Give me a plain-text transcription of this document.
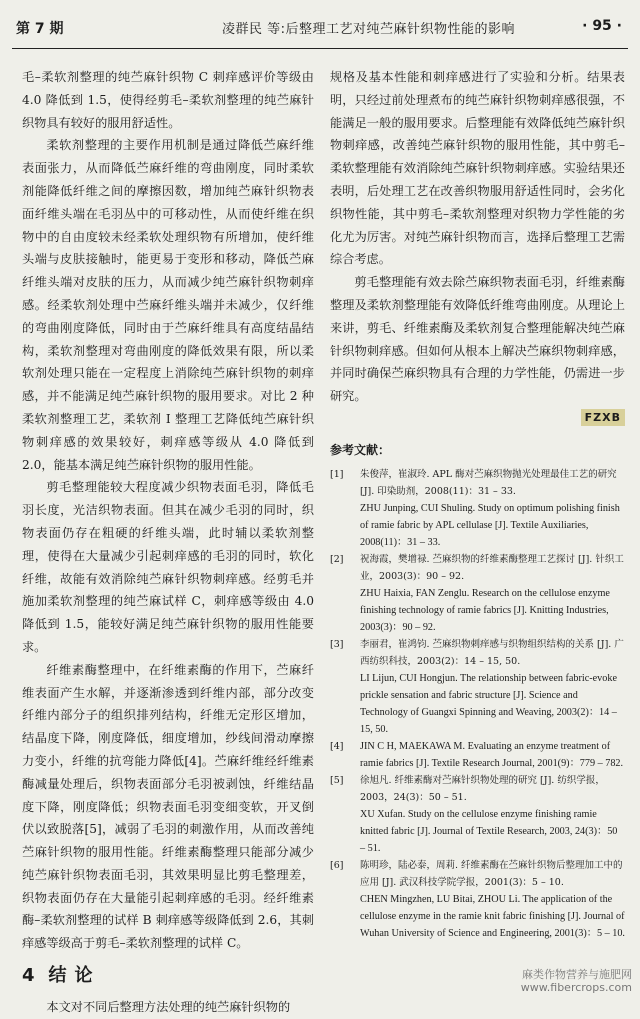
第 7 期	凌群民 等:后整理工艺对纯苎麻针织物性能的影响	· 95 ·

毛–柔软剂整理的纯苎麻针织物 C 刺痒感评价等级由 4.0 降低到 1.5，使得经剪毛–柔软剂整理的纯苎麻针织物具有较好的服用舒适性。

柔软剂整理的主要作用机制是通过降低苎麻纤维表面张力，从而降低苎麻纤维的弯曲刚度，同时柔软剂能降低纤维之间的摩擦因数，增加纯苎麻针织物表面纤维头端在毛羽丛中的可移动性，从而使纤维在织物中的自由度较未经柔软处理织物有所增加，使纤维头端与皮肤接触时，能更易于变形和移动，降低苎麻纤维头端对皮肤的压力，从而减少纯苎麻针织物刺痒感。经柔软剂处理中苎麻纤维头端并未减少，仅纤维的弯曲刚度降低，同时由于苎麻纤维具有高度结晶结构，柔软剂整理对弯曲刚度的降低效果有限，所以柔软剂处理只能在一定程度上消除纯苎麻针织物的刺痒感，并不能满足纯苎麻针织物的服用要求。对比 2 种柔软剂整理工艺，柔软剂 I 整理工艺降低纯苎麻针织物刺痒感的效果较好，刺痒感等级从 4.0 降低到 2.0，能基本满足纯苎麻针织物的服用性能。

剪毛整理能较大程度减少织物表面毛羽，降低毛羽长度，光洁织物表面。但其在减少毛羽的同时，织物表面仍存在粗硬的纤维头端，此时辅以柔软剂整理，使得在大量减少引起刺痒感的毛羽的同时，软化纤维，故能有效消除纯苎麻针织物刺痒感。经剪毛并施加柔软剂整理的纯苎麻试样 C，刺痒感等级由 4.0 降低到 1.5，能较好满足纯苎麻针织物的服用性能要求。

纤维素酶整理中，在纤维素酶的作用下，苎麻纤维表面产生水解，并逐渐渗透到纤维内部，部分改变纤维内部分子的组织排列结构，纤维无定形区增加，结晶度下降，刚度降低，细度增加，纱线间滑动摩擦力变小，纤维的抗弯能力降低[4]。苎麻纤维经纤维素酶减量处理后，织物表面部分毛羽被剥蚀，纤维结晶度下降，刚度降低；织物表面毛羽变细变软，开叉倒伏以致脱落[5]，减弱了毛羽的刺激作用，从而改善纯苎麻针织物的服用性能。纤维素酶整理只能部分减少纯苎麻针织物表面毛羽，其效果明显比剪毛整理差，织物表面仍存在大量能引起刺痒感的毛羽。经纤维素酶–柔软剂整理的试样 B 刺痒感等级降低到 2.6，其刺痒感等级高于剪毛–柔软剂整理的试样 C。

4 结论

本文对不同后整理方法处理的纯苎麻针织物的

规格及基本性能和刺痒感进行了实验和分析。结果表明，只经过前处理煮布的纯苎麻针织物刺痒感很强，不能满足一般的服用要求。后整理能有效降低纯苎麻针织物刺痒感，改善纯苎麻针织物的服用性能，其中剪毛–柔软整理能有效消除纯苎麻针织物刺痒感。实验结果还表明，后处理工艺在改善织物服用舒适性同时，会劣化织物性能，其中剪毛–柔软剂整理对织物力学性能的劣化尤为厉害。对纯苎麻针织物而言，选择后整理工艺需综合考虑。

剪毛整理能有效去除苎麻织物表面毛羽，纤维素酶整理及柔软剂整理能有效降低纤维弯曲刚度。从理论上来讲，剪毛、纤维素酶及柔软剂复合整理能解决纯苎麻针织物刺痒感。但如何从根本上解决苎麻织物刺痒感，并同时确保苎麻织物具有合理的力学性能，仍需进一步研究。

FZXB
参考文献：
[1]	朱俊萍，崔淑玲. APL 酶对苎麻织物抛光处理最佳工艺的研究 [J]. 印染助剂，2008(11)：31 – 33.
ZHU Junping, CUI Shuling. Study on optimum polishing finish of ramie fabric by APL cellulase [J]. Textile Auxiliaries, 2008(11)：31 – 33.
[2]	祝海霞，樊增禄. 苎麻织物的纤维素酶整理工艺探讨 [J]. 针织工业，2003(3)：90 – 92.
ZHU Haixia, FAN Zenglu. Research on the cellulose enzyme finishing technology of ramie fabrics [J]. Knitting Industries, 2003(3)：90 – 92.
[3]	李丽君，崔鸿钧. 苎麻织物刺痒感与织物组织结构的关系 [J]. 广西纺织科技，2003(2)：14 – 15, 50.
LI Lijun, CUI Hongjun. The relationship between fabric-evoke prickle sensation and fabric structure [J]. Science and Technology of Guangxi Spinning and Weaving, 2003(2)：14 – 15, 50.
[4]	JIN C H, MAEKAWA M. Evaluating an enzyme treatment of ramie fabrics [J]. Textile Research Journal, 2001(9)：779 – 782.
[5]	徐旭凡. 纤维素酶对苎麻针织物处理的研究 [J]. 纺织学报，2003，24(3)：50 – 51.
XU Xufan. Study on the cellulose enzyme finishing ramie knitted fabric [J]. Journal of Textile Research, 2003, 24(3)：50 – 51.
[6]	陈明珍，陆必泰，周莉. 纤维素酶在苎麻针织物后整理加工中的应用 [J]. 武汉科技学院学报，2001(3)：5 – 10.
CHEN Mingzhen, LU Bitai, ZHOU Li. The application of the cellulose enzyme in the ramie knit fabric finishing [J]. Journal of Wuhan University of Science and Engineering, 2001(3)：5 – 10.
麻类作物营养与施肥网
www.fibercrops.com
